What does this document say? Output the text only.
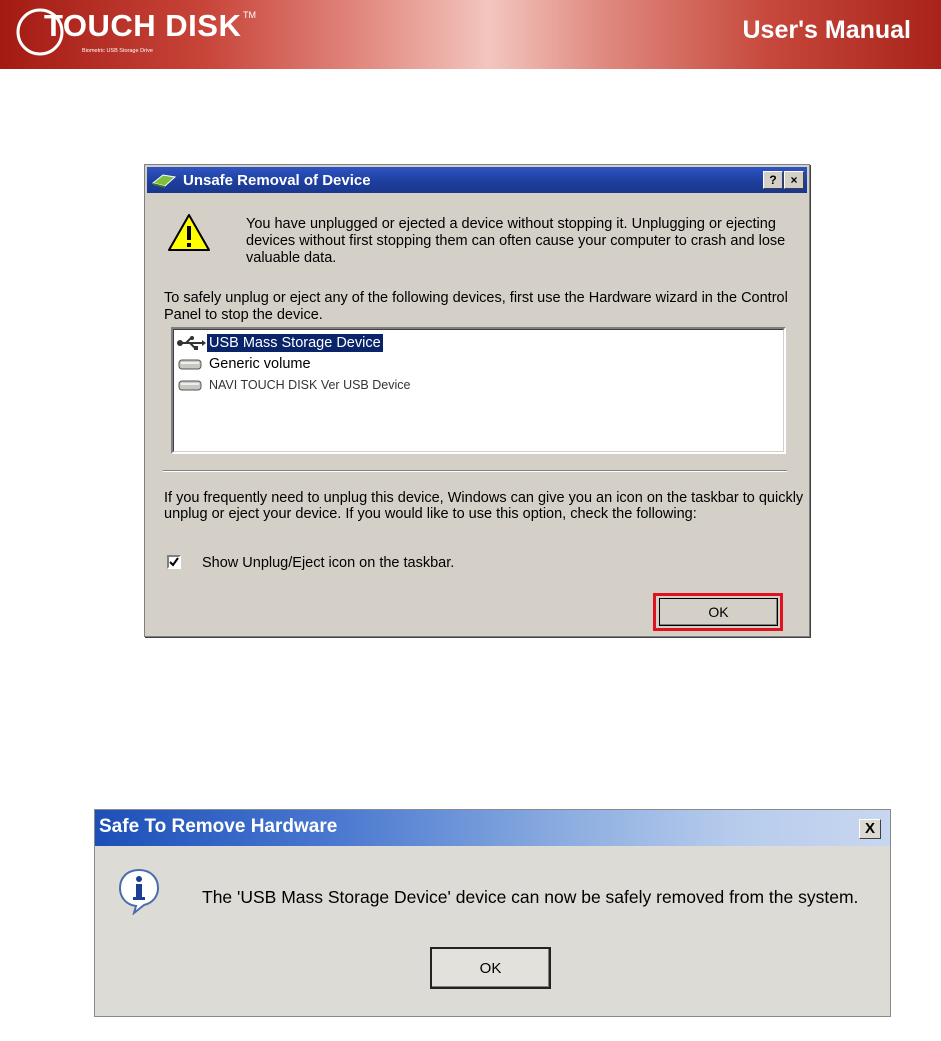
TOUCH DISK TM
Biometric USB Storage Drive
User's Manual
Unsafe Removal of Device	?	×
You have unplugged or ejected a device without stopping it. Unplugging or ejecting devices without first stopping them can often cause your computer to crash and lose valuable data.
To safely unplug or eject any of the following devices, first use the Hardware wizard in the Control Panel to stop the device.
USB Mass Storage Device
Generic volume
NAVI TOUCH DISK Ver USB Device
If you frequently need to unplug this device, Windows can give you an icon on the taskbar to quickly unplug or eject your device. If you would like to use this option, check the following:
Show Unplug/Eject icon on the taskbar.
OK
Safe To Remove Hardware	X
The 'USB Mass Storage Device' device can now be safely removed from the system.
OK
